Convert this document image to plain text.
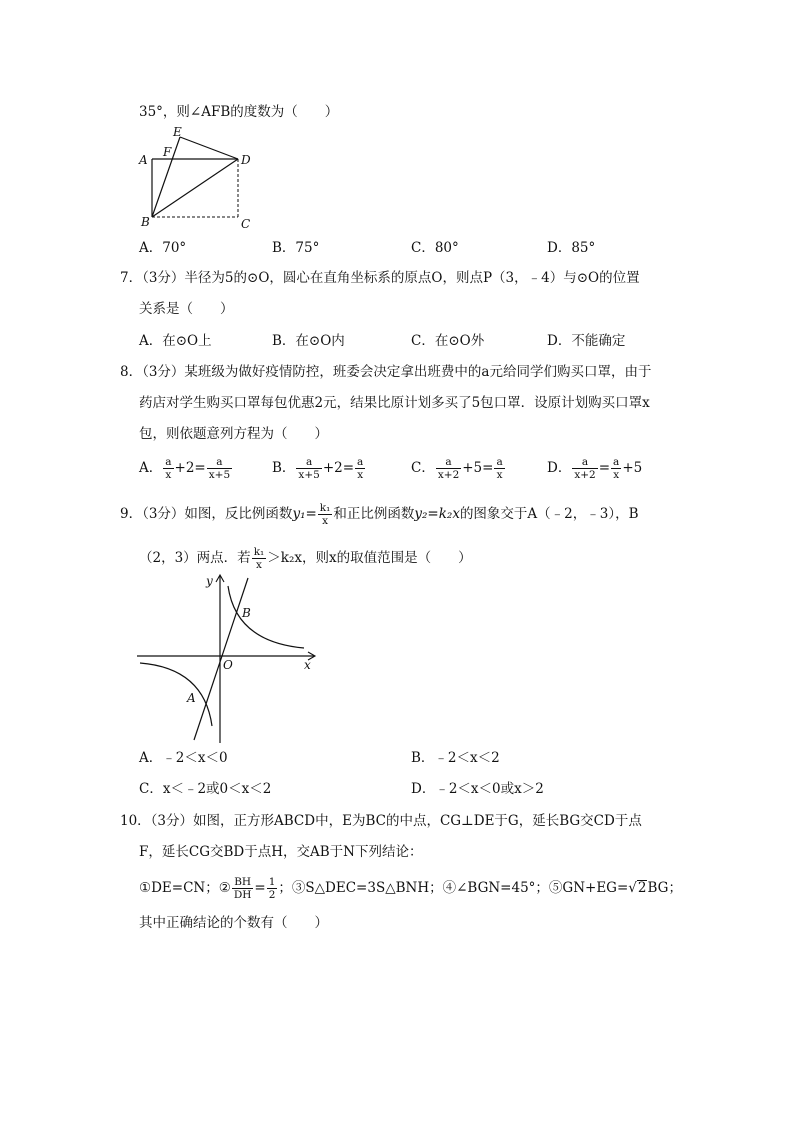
35°，则∠AFB的度数为（　　）
E
F
A	D
B	C
A．70°	B．75°	C．80°	D．85°
7．（3分）半径为5的⊙O，圆心在直角坐标系的原点O，则点P（3，﹣4）与⊙O的位置
关系是（　　）
A．在⊙O上	B．在⊙O内	C．在⊙O外	D．不能确定
8．（3分）某班级为做好疫情防控，班委会决定拿出班费中的a元给同学们购买口罩，由于
药店对学生购买口罩每包优惠2元，结果比原计划多买了5包口罩．设原计划购买口罩x
包，则依题意列方程为（　　）
A． $\frac{a}{x} +2= \frac{a}{x+5}$	B． $\frac{a}{x+5} +2= \frac{a}{x}$	C． $\frac{a}{x+2} +5= \frac{a}{x}$	D． $\frac{a}{x+2} = \frac{a}{x} +5$
9．（3分）如图，反比例函数$y_1= \frac{\text{k₁}}{x}$ 和正比例函数y₂=k₂x的图象交于A（﹣2，﹣3），B
（2，3）两点．若 $\frac{\text{k₁}}{x} >k_2x$，则x的取值范围是（　　）
y
x
O
A
B
A．﹣2＜x＜0	B．﹣2＜x＜2
C．x＜﹣2或0＜x＜2	D．﹣2＜x＜0或x＞2
10．（3分）如图，正方形ABCD中，E为BC的中点，CG⊥DE于G，延长BG交CD于点
F，延长CG交BD于点H，交AB于N下列结论：
①DE=CN；② $\frac{BH}{DH} = \frac{1}{2}$ ；③S△DEC=3S△BNH；④∠BGN=45°；⑤GN+EG=√2BG；
其中正确结论的个数有（　　）
